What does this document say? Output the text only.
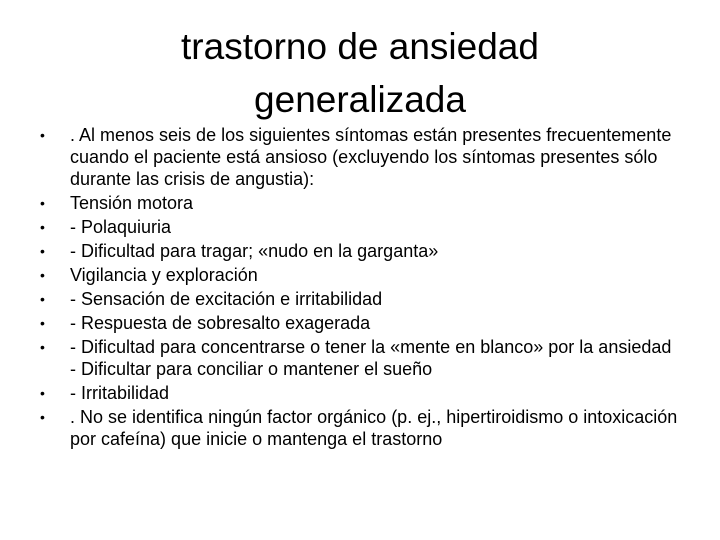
trastorno de ansiedad
generalizada
• . Al menos seis de los siguientes síntomas están presentes frecuentemente cuando el paciente está ansioso (excluyendo los síntomas presentes sólo durante las crisis de angustia):
• Tensión motora
• - Polaquiuria
• - Dificultad para tragar; «nudo en la garganta»
• Vigilancia y exploración
• - Sensación de excitación e irritabilidad
• - Respuesta de sobresalto exagerada
• - Dificultad para concentrarse o tener la «mente en blanco» por la ansiedad - Dificultar para conciliar o mantener el sueño
• - Irritabilidad
• . No se identifica ningún factor orgánico (p. ej., hipertiroidismo o intoxicación por cafeína) que inicie o mantenga el trastorno
